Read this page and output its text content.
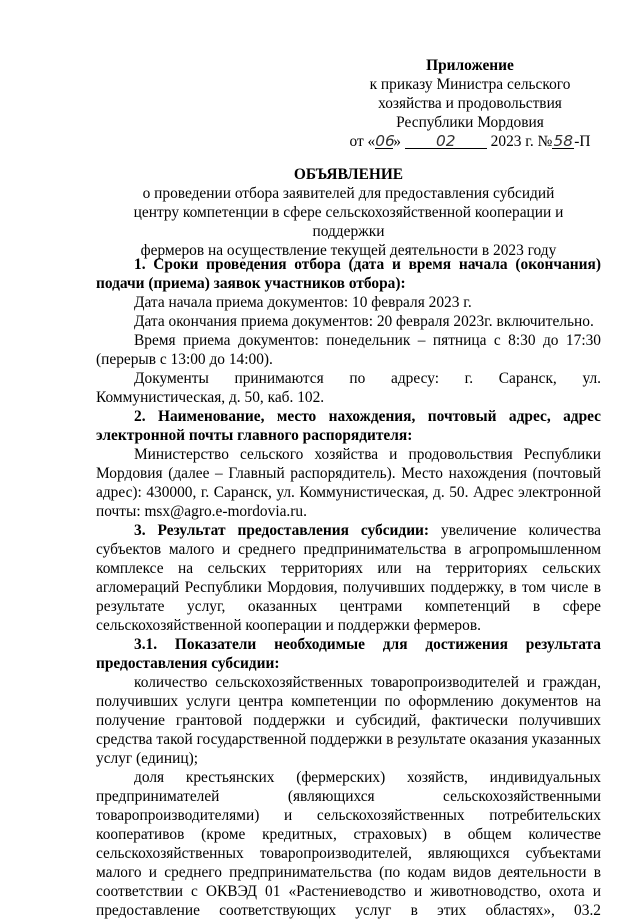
Приложение
к приказу Министра сельского
хозяйства и продовольствия
Республики Мордовия
от «06» 02 2023 г. №58-П
ОБЪЯВЛЕНИЕ
о проведении отбора заявителей для предоставления субсидий
центру компетенции в сфере сельскохозяйственной кооперации и поддержки
фермеров на осуществление текущей деятельности в 2023 году

1. Сроки проведения отбора (дата и время начала (окончания) подачи (приема) заявок участников отбора):

Дата начала приема документов: 10 февраля 2023 г.

Дата окончания приема документов: 20 февраля 2023г. включительно.

Время приема документов: понедельник – пятница с 8:30 до 17:30 (перерыв с 13:00 до 14:00).

Документы принимаются по адресу: г. Саранск, ул. Коммунистическая, д. 50, каб. 102.

2. Наименование, место нахождения, почтовый адрес, адрес электронной почты главного распорядителя:

Министерство сельского хозяйства и продовольствия Республики Мордовия (далее – Главный распорядитель). Место нахождения (почтовый адрес): 430000, г. Саранск, ул. Коммунистическая, д. 50. Адрес электронной почты: msx@agro.e-mordovia.ru.

3. Результат предоставления субсидии: увеличение количества субъектов малого и среднего предпринимательства в агропромышленном комплексе на сельских территориях или на территориях сельских агломераций Республики Мордовия, получивших поддержку, в том числе в результате услуг, оказанных центрами компетенций в сфере сельскохозяйственной кооперации и поддержки фермеров.

3.1. Показатели необходимые для достижения результата предоставления субсидии:

количество сельскохозяйственных товаропроизводителей и граждан, получивших услуги центра компетенции по оформлению документов на получение грантовой поддержки и субсидий, фактически получивших средства такой государственной поддержки в результате оказания указанных услуг (единиц);

доля крестьянских (фермерских) хозяйств, индивидуальных предпринимателей (являющихся сельскохозяйственными товаропроизводителями) и сельскохозяйственных потребительских кооперативов (кроме кредитных, страховых) в общем количестве сельскохозяйственных товаропроизводителей, являющихся субъектами малого и среднего предпринимательства (по кодам видов деятельности в соответствии с ОКВЭД 01 «Растениеводство и животноводство, охота и предоставление соответствующих услуг в этих областях», 03.2
